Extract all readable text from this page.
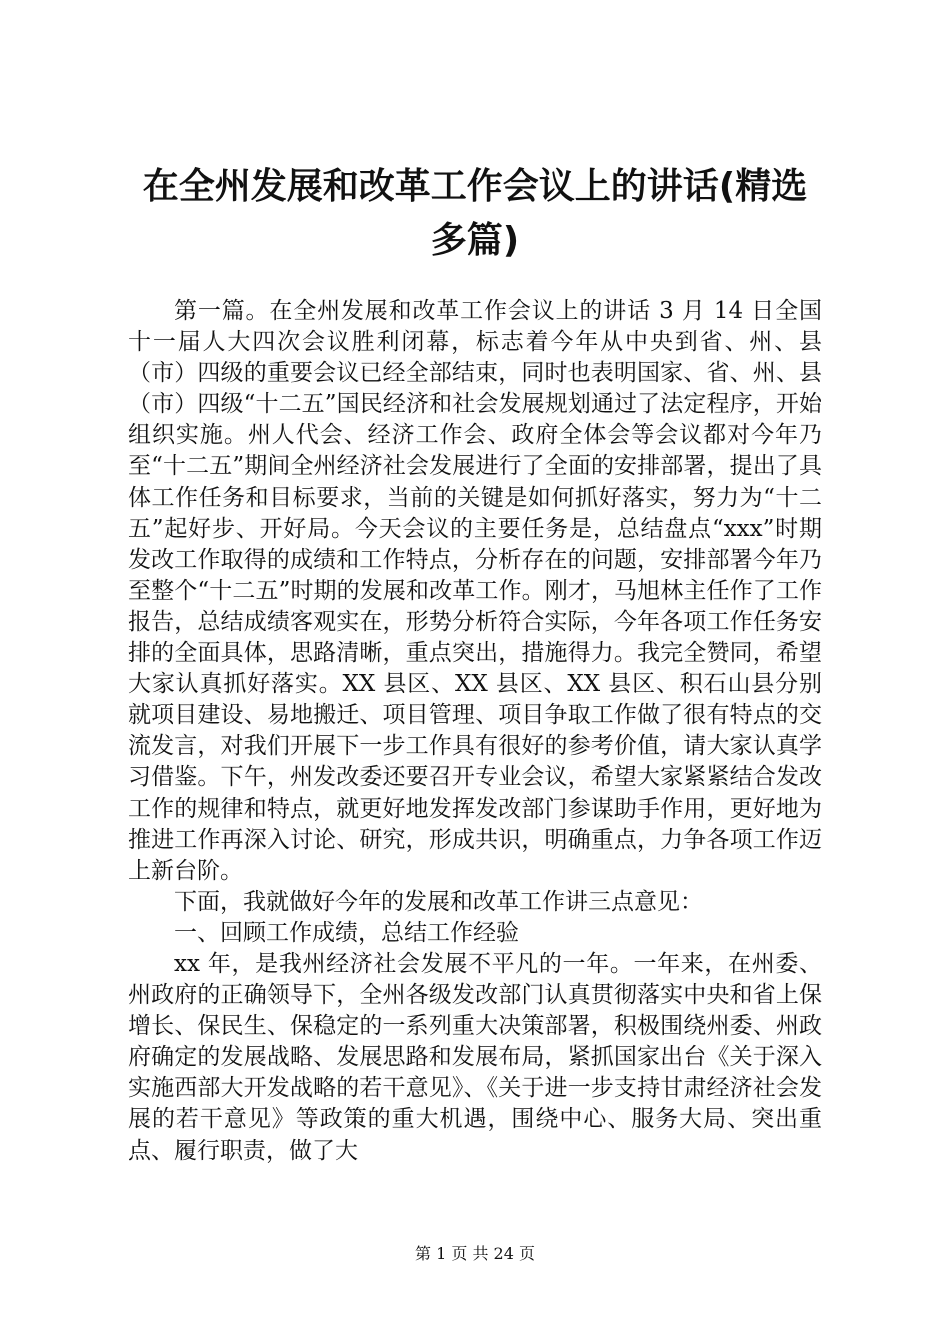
在全州发展和改革工作会议上的讲话(精选多篇)

第一篇。在全州发展和改革工作会议上的讲话 3 月 14 日全国十一届人大四次会议胜利闭幕，标志着今年从中央到省、州、县（市）四级的重要会议已经全部结束，同时也表明国家、省、州、县（市）四级“十二五”国民经济和社会发展规划通过了法定程序，开始组织实施。州人代会、经济工作会、政府全体会等会议都对今年乃至“十二五”期间全州经济社会发展进行了全面的安排部署，提出了具体工作任务和目标要求，当前的关键是如何抓好落实，努力为“十二五”起好步、开好局。今天会议的主要任务是，总结盘点“xxx”时期发改工作取得的成绩和工作特点，分析存在的问题，安排部署今年乃至整个“十二五”时期的发展和改革工作。刚才，马旭林主任作了工作报告，总结成绩客观实在，形势分析符合实际，今年各项工作任务安排的全面具体，思路清晰，重点突出，措施得力。我完全赞同，希望大家认真抓好落实。XX 县区、XX 县区、XX 县区、积石山县分别就项目建设、易地搬迁、项目管理、项目争取工作做了很有特点的交流发言，对我们开展下一步工作具有很好的参考价值，请大家认真学习借鉴。下午，州发改委还要召开专业会议，希望大家紧紧结合发改工作的规律和特点，就更好地发挥发改部门参谋助手作用，更好地为推进工作再深入讨论、研究，形成共识，明确重点，力争各项工作迈上新台阶。

下面，我就做好今年的发展和改革工作讲三点意见：

一、回顾工作成绩，总结工作经验

xx 年，是我州经济社会发展不平凡的一年。一年来，在州委、州政府的正确领导下，全州各级发改部门认真贯彻落实中央和省上保增长、保民生、保稳定的一系列重大决策部署，积极围绕州委、州政府确定的发展战略、发展思路和发展布局，紧抓国家出台《关于深入实施西部大开发战略的若干意见》、《关于进一步支持甘肃经济社会发展的若干意见》等政策的重大机遇，围绕中心、服务大局、突出重点、履行职责，做了大

第 1 页 共 24 页
